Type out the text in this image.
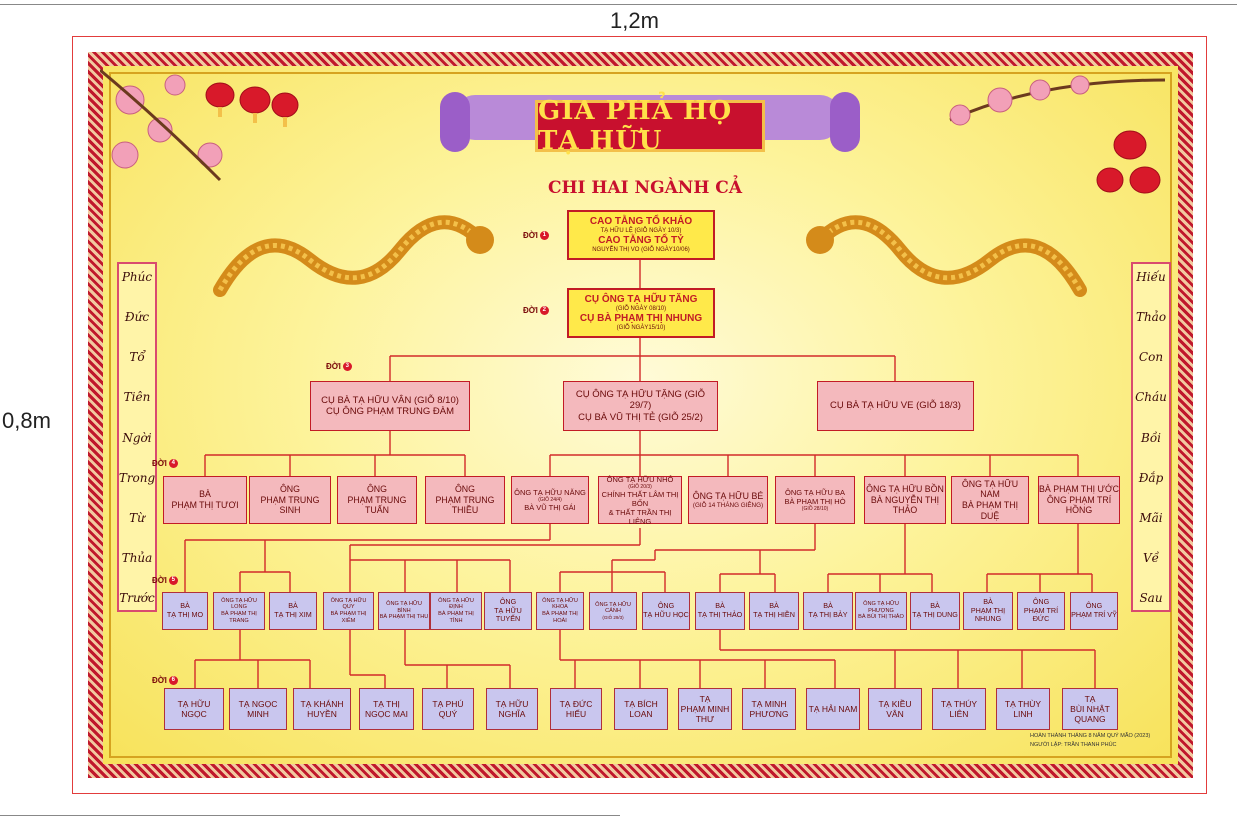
1,2m
0,8m
GIA PHẢ HỌ TẠ HỮU
CHI HAI NGÀNH CẢ
Phúc
Đức
Tổ
Tiên
Ngời
Trong
Từ
Thủa
Trước
Hiếu
Thảo
Con
Cháu
Bồi
Đắp
Mãi
Về
Sau
ĐỜI 1
ĐỜI 2
ĐỜI 3
ĐỜI 4
ĐỜI 5
ĐỜI 6
CAO TẰNG TỔ KHẢO
TẠ HỮU LỆ (GIỖ NGÀY 10/3)
CAO TẰNG TỔ TỶ
NGUYỄN THỊ VO (GIỖ NGÀY10/06)
CỤ ÔNG TẠ HỮU TĂNG
(GIỖ NGÀY 08/10)
CỤ BÀ PHẠM THỊ NHUNG
(GIỖ NGÀY15/10)
CỤ BÀ TẠ HỮU VÂN (GIỖ 8/10)
CỤ ÔNG PHẠM TRUNG ĐÀM
CỤ ÔNG TẠ HỮU TẶNG (GIỖ 29/7)
CỤ BÀ VŨ THỊ TẺ (GIỖ 25/2)
CỤ BÀ TẠ HỮU VE (GIỖ 18/3)
BÀ
PHẠM THỊ TƯƠI
ÔNG
PHẠM TRUNG SINH
ÔNG
PHẠM TRUNG TUẤN
ÔNG
PHẠM TRUNG THIỀU
ÔNG TẠ HỮU NĂNG
(GIỖ 24/4)
BÀ VŨ THỊ GÁI
ÔNG TẠ HỮU NHỎ
(GIỖ 20/3)
CHÍNH THẤT LÂM THỊ BỐN
& THẤT TRẦN THỊ LIÊNG
ÔNG TẠ HỮU BÉ
(GIỖ 14 THÁNG GIÊNG)
ÔNG TẠ HỮU BA
BÀ PHẠM THỊ HÒ
(GIỖ 28/10)
ÔNG TẠ HỮU BỒN
BÀ NGUYỄN THỊ THẢO
ÔNG TẠ HỮU NAM
BÀ PHẠM THỊ DUỆ
BÀ PHẠM THỊ ƯỚC
ÔNG PHẠM TRÍ HỒNG
BÀ
TẠ THỊ MO
ÔNG TẠ HỮU LONG
BÀ PHẠM THỊ TRANG
BÀ
TẠ THỊ XIM
ÔNG TẠ HỮU QUY
BÀ PHẠM THỊ XIÊM
ÔNG TẠ HỮU BÌNH
BÀ PHẠM THỊ THU
ÔNG TẠ HỮU ĐỊNH
BÀ PHẠM THỊ TỈNH
ÔNG
TẠ HỮU TUYẾN
ÔNG TẠ HỮU KHOA
BÀ PHẠM THỊ HOÀI
ÔNG TẠ HỮU CẢNH
(GIỖ 29/3)
ÔNG
TẠ HỮU HỌC
BÀ
TẠ THỊ THẢO
BÀ
TẠ THỊ HIỀN
BÀ
TẠ THỊ BẢY
ÔNG TẠ HỮU PHƯỢNG
BÀ BÙI THỊ THẢO
BÀ
TẠ THỊ DUNG
BÀ
PHẠM THỊ NHUNG
ÔNG
PHẠM TRÍ ĐỨC
ÔNG
PHẠM TRÍ VỸ
TẠ HỮU NGỌC
TẠ NGỌC MINH
TẠ KHÁNH HUYỀN
TẠ THỊ NGỌC MAI
TẠ PHÚ QUÝ
TẠ HỮU NGHĨA
TẠ ĐỨC HIẾU
TẠ BÍCH LOAN
TẠ
PHẠM MINH THƯ
TẠ MINH PHƯƠNG
TẠ HẢI NAM
TẠ KIỀU VÂN
TẠ THÚY LIÊN
TẠ THÙY LINH
TẠ
BÙI NHẬT QUANG
HOÀN THÀNH THÁNG 8 NĂM QUÝ MÃO (2023)
NGƯỜI LẬP: TRẦN THANH PHÚC
